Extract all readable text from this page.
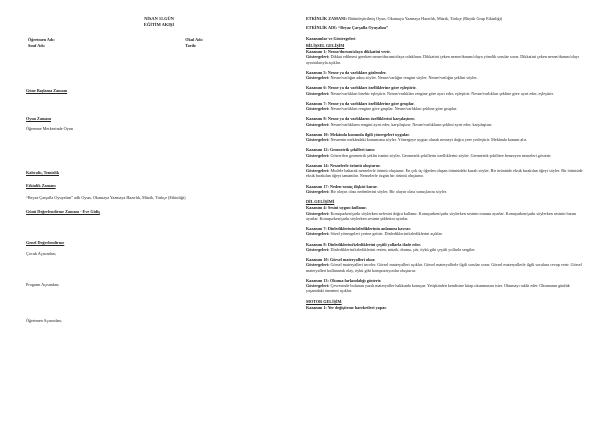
NİSAN 11.GÜN
EĞİTİM AKIŞI
Öğretmen Adı:	Okul Adı:
Sınıf Adı:	Tarih:

Güne Başlama Zamanı

Oyun Zamanı

Öğrenme Merkezinde Oyun

Kahvaltı, Temizlik

Etkinlik Zamanı

“Beyaz Çarşafla Oyuyalım” adlı Oyun, Okumaya Yazmaya Hazırlık, Müzik, Türkçe (Etkinliği)

Günü Değerlendirme Zamanı - Eve Gidiş

Genel Değerlendirme

Çocuk Açısından;

Program Açısından;

Öğretmen Açısından;

ETKİNLİK ZAMANI: Bütünleştirilmiş Oyun, Okumaya Yazmaya Hazırlık, Müzik, Türkçe (Büyük Grup Etkinliği)

ETKİNLİK ADI: “Beyaz Çarşafla Oyuyalım”

Kazanımlar ve Göstergeleri

BİLİŞSEL GELİŞİM

Kazanım 1: Nesne/durum/olaya dikkatini verir.

Göstergeleri: Dikkat edilmesi gereken nesne/durum/olaya odaklanır. Dikkatini çeken nesne/durum/olaya yönelik sorular sorar. Dikkatini çeken nesne/durum/olayı ayrıntılarıyla açıklar.

Kazanım 5: Nesne ya da varlıkları gözlemler.

Göstergeleri: Nesne/varlığın adını söyler. Nesne/varlığın rengini söyler. Nesne/varlığın şeklini söyler.

Kazanım 6: Nesne ya da varlıkları özelliklerine göre eşleştirir.

Göstergeleri: Nesne/varlıkları birebir eşleştirir. Nesne/varlıkları rengine göre ayırt eder, eşleştirir. Nesne/varlıkları şekline göre ayırt eder, eşleştirir.

Kazanım 7: Nesne ya da varlıkları özelliklerine göre gruplar.

Göstergeleri: Nesne/varlıkları rengine göre gruplar. Nesne/varlıkları şekline göre gruplar.

Kazanım 8: Nesne ya da varlıkların özelliklerini karşılaştırır.

Göstergeleri: Nesne/varlıkların rengini ayırt eder, karşılaştırır. Nesne/varlıkların şeklini ayırt eder, karşılaştırır.

Kazanım 10: Mekânda konumla ilgili yönergeleri uygular.

Göstergeleri: Nesnenin mekândaki konumunu söyler. Yönergeye uygun olarak nesneyi doğru yere yerleştirir. Mekânda konum alır.

Kazanım 12: Geometrik şekilleri tanır.

Göstergeleri: Gösterilen geometrik şeklin ismini söyler. Geometrik şekillerin özelliklerini söyler. Geometrik şekillere benzeyen nesneleri gösterir.

Kazanım 14: Nesnelerle örüntü oluşturur.

Göstergeleri: Modele bakarak nesnelerle örüntü oluşturur. En çok üç öğeden oluşan örüntüdeki kuralı söyler. Bir örüntüde eksik bırakılan öğeyi söyler. Bir örüntüde eksik bırakılan öğeyi tamamlar. Nesnelerle özgün bir örüntü oluşturur.

Kazanım 17: Neden-sonuç ilişkisi kurar.

Göstergeleri: Bir olayın olası nedenlerini söyler. Bir olayın olası sonuçlarını söyler.

DİL GELİŞİMİ

Kazanım 4: Sesini uygun kullanır.

Göstergeleri: Konuşurken/şarkı söylerken nefesini doğru kullanır. Konuşurken/şarkı söylerken sesinin tonunu ayarlar. Konuşurken/şarkı söylerken sesinin hızını ayarlar. Konuşurken/şarkı söylerken sesinin şiddetini ayarlar.

Kazanım 7: Dinlediklerinin/izlediklerinin anlamını kavrar.

Göstergeleri: Sözel yönergeleri yerine getirir. Dinlediklerini/izlediklerini açıklar.

Kazanım 8: Dinlediklerini/izlediklerini çeşitli yollarla ifade eder.

Göstergeleri: Dinlediklerini/izlediklerini resim, müzik, drama, şiir, öykü gibi çeşitli yollarla sergiler.

Kazanım 10: Görsel materyalleri okur.

Göstergeleri: Görsel materyalleri inceler. Görsel materyalleri açıklar. Görsel materyallerle ilgili sorular sorar. Görsel materyallerle ilgili sorulara cevap verir. Görsel materyalleri kullanarak olay, öykü gibi kompozisyonlar oluşturur.

Kazanım 13: Okuma farkındalığı gösterir.

Göstergeleri: Çevresinde bulunan yazılı materyaller hakkında konuşur. Yetişkinden kendisine kitap okunmasını ister. Okumayı taklit eder. Okumanın günlük yaşamdaki önemini açıklar.

MOTOR GELİŞİM

Kazanım 1: Yer değiştirme hareketleri yapar.
